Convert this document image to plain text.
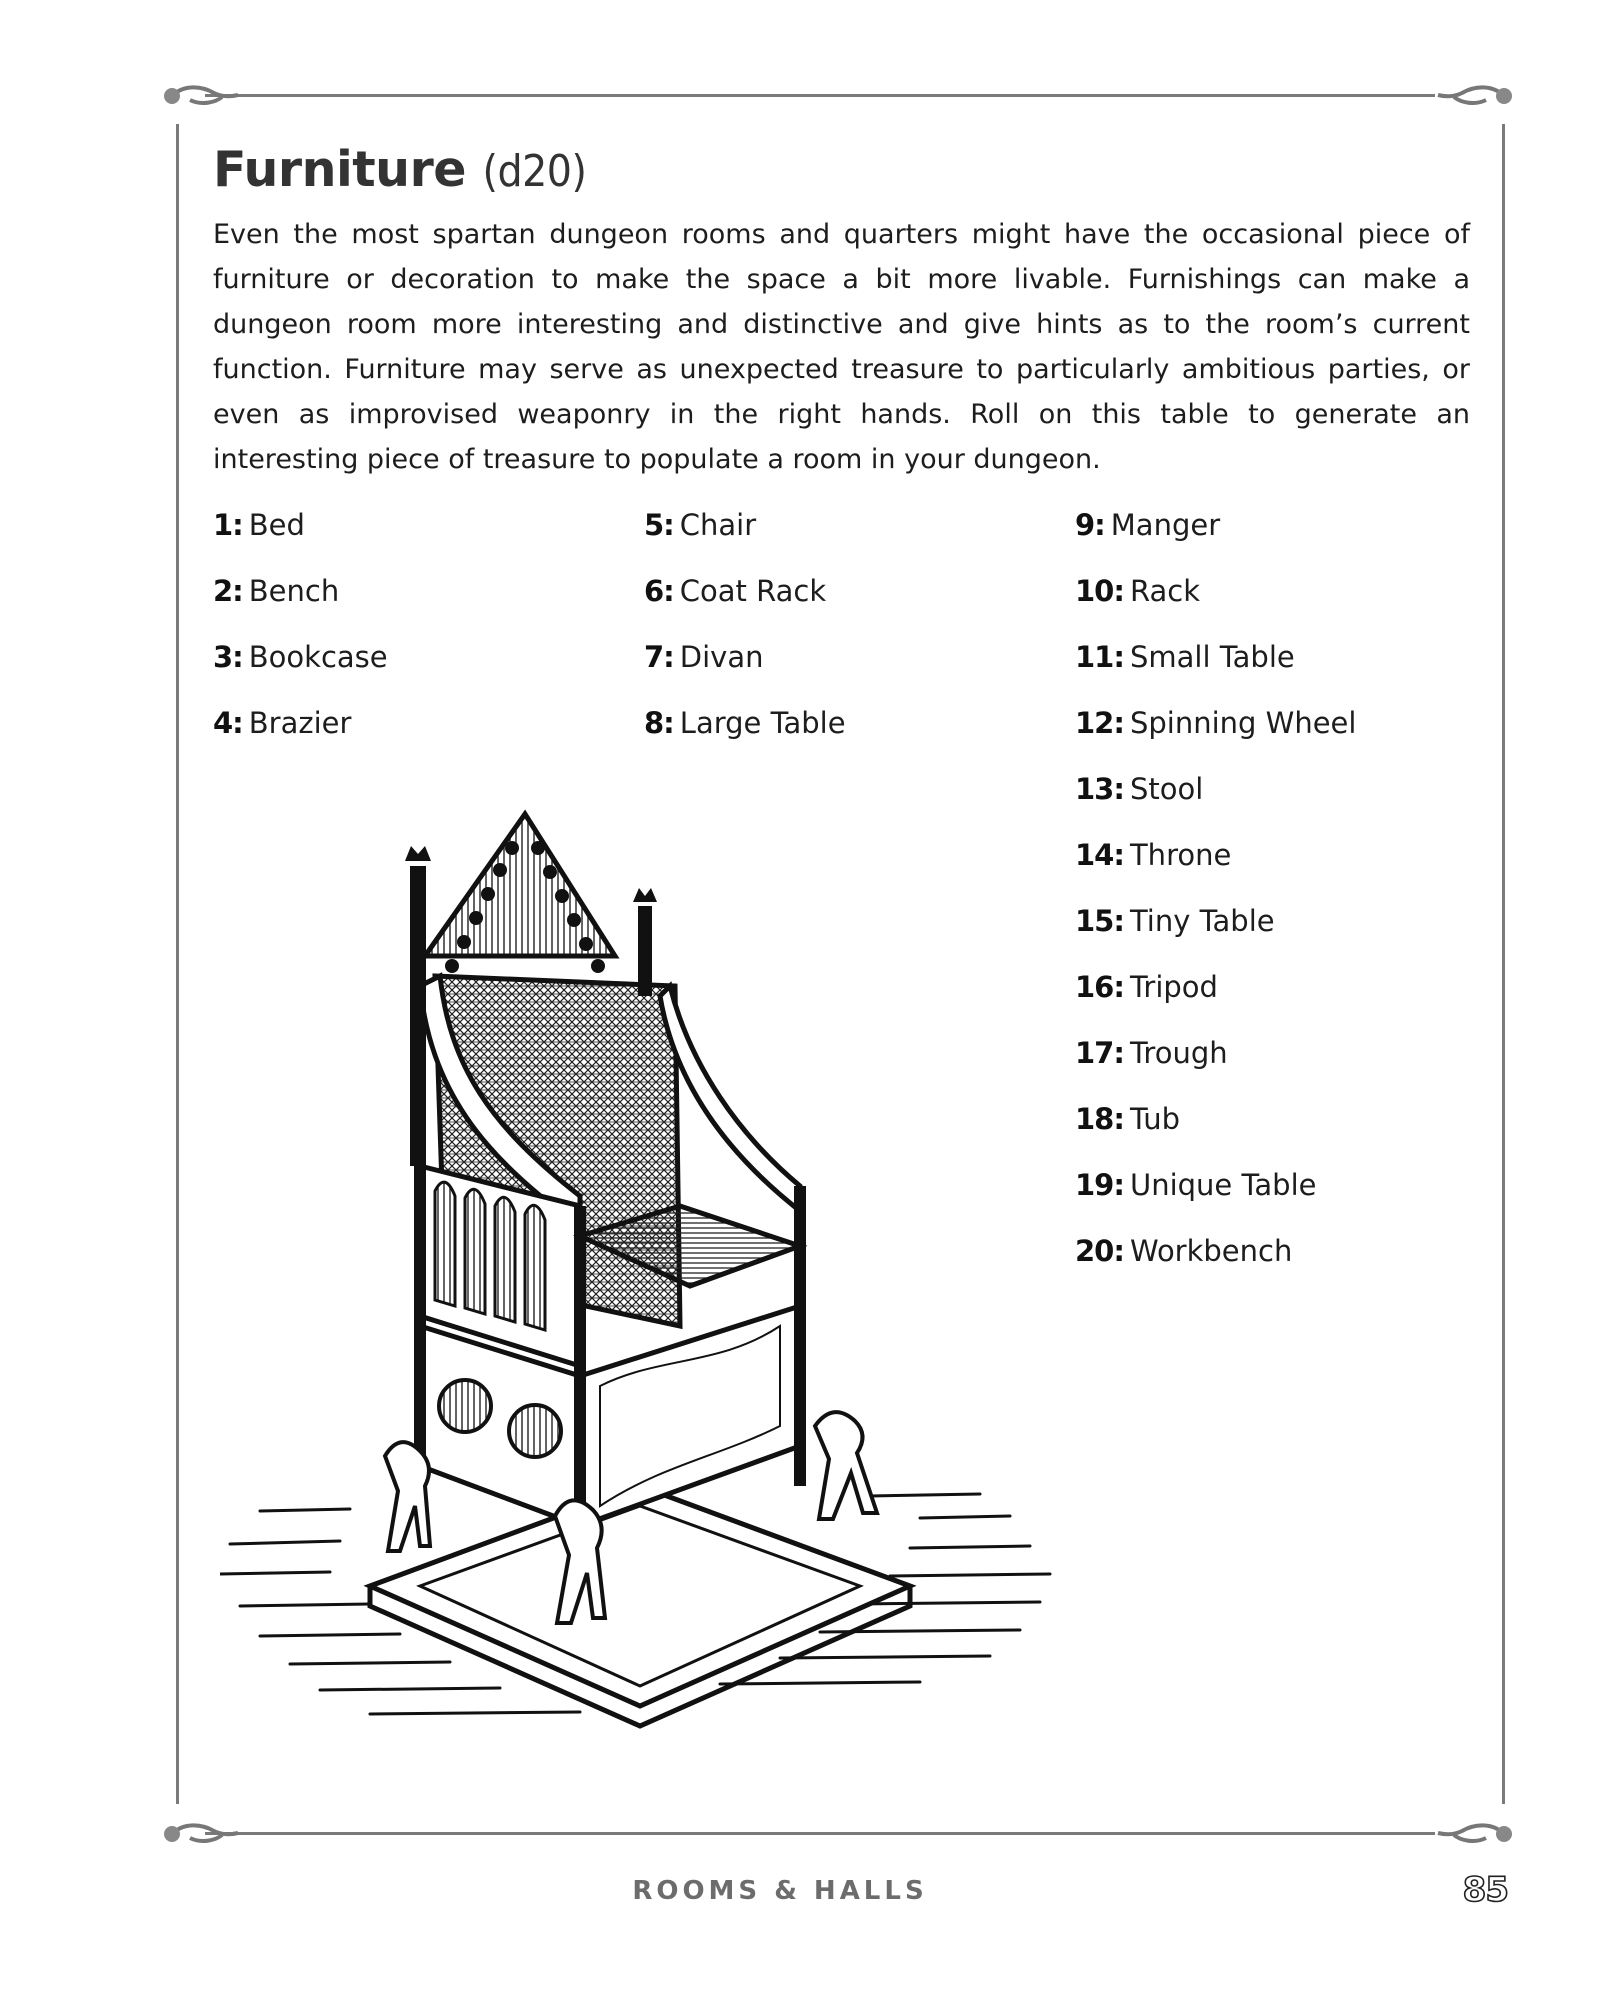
Furniture (d20)

Even the most spartan dungeon rooms and quarters might have the occasional piece of furniture or decoration to make the space a bit more livable. Furnishings can make a dungeon room more interesting and distinctive and give hints as to the room’s current function. Furniture may serve as unexpected treasure to particularly ambitious parties, or even as improvised weaponry in the right hands. Roll on this table to generate an interesting piece of treasure to populate a room in your dungeon.

1: Bed
2: Bench
3: Bookcase
4: Brazier
5: Chair
6: Coat Rack
7: Divan
8: Large Table
9: Manger
10: Rack
11: Small Table
12: Spinning Wheel
13: Stool
14: Throne
15: Tiny Table
16: Tripod
17: Trough
18: Tub
19: Unique Table
20: Workbench
ROOMS & HALLS	85
